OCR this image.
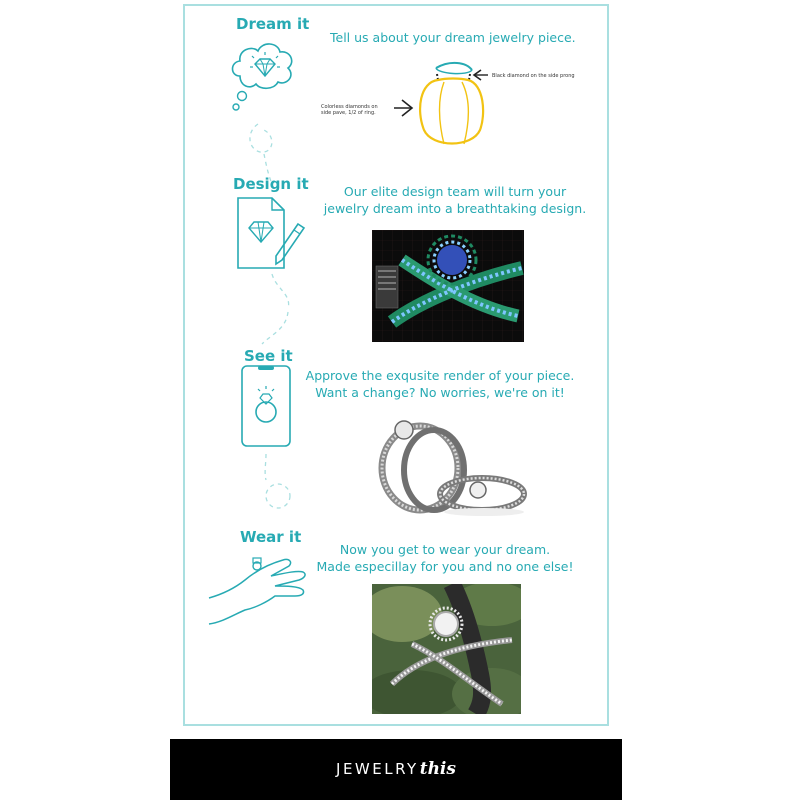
Dream it
Tell us about your dream jewelry piece.
Colorless diamonds on
side pave, 1/2 of ring.
Black diamond on the side prong
Design it	Our elite design team will turn your
jewelry dream into a breathtaking design.
See it
Approve the exqusite render of your piece.
Want a change? No worries, we're on it!
Wear it
Now you get to wear your dream.
Made especillay for you and no one else!
JEWELRYthis
